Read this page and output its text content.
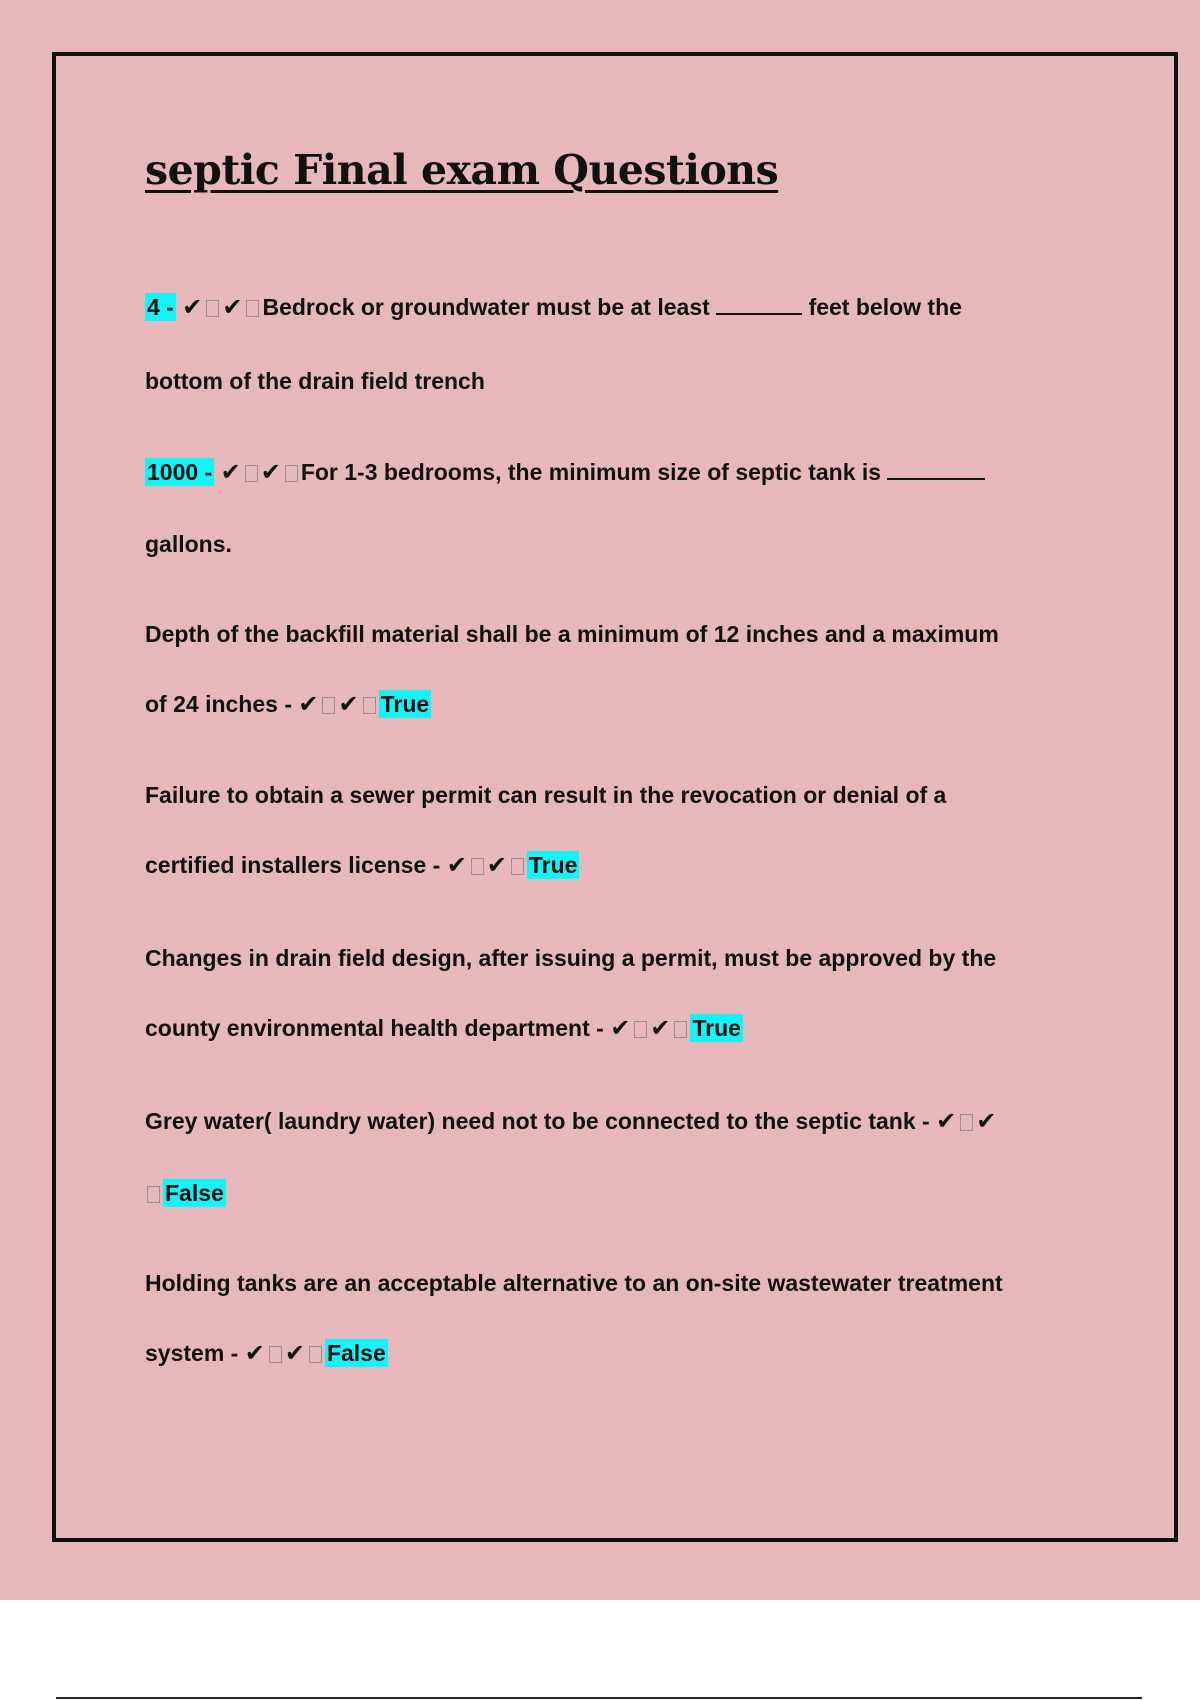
septic Final exam Questions
4 - ✔ ✔ Bedrock or groundwater must be at least	feet below the
bottom of the drain field trench
1000 - ✔ ✔ For 1-3 bedrooms, the minimum size of septic tank is
gallons.
Depth of the backfill material shall be a minimum of 12 inches and a maximum
of 24 inches - ✔ ✔ True
Failure to obtain a sewer permit can result in the revocation or denial of a
certified installers license - ✔ ✔ True
Changes in drain field design, after issuing a permit, must be approved by the
county environmental health department - ✔ ✔ True
Grey water( laundry water) need not to be connected to the septic tank - ✔ ✔
False
Holding tanks are an acceptable alternative to an on-site wastewater treatment
system - ✔ ✔ False
